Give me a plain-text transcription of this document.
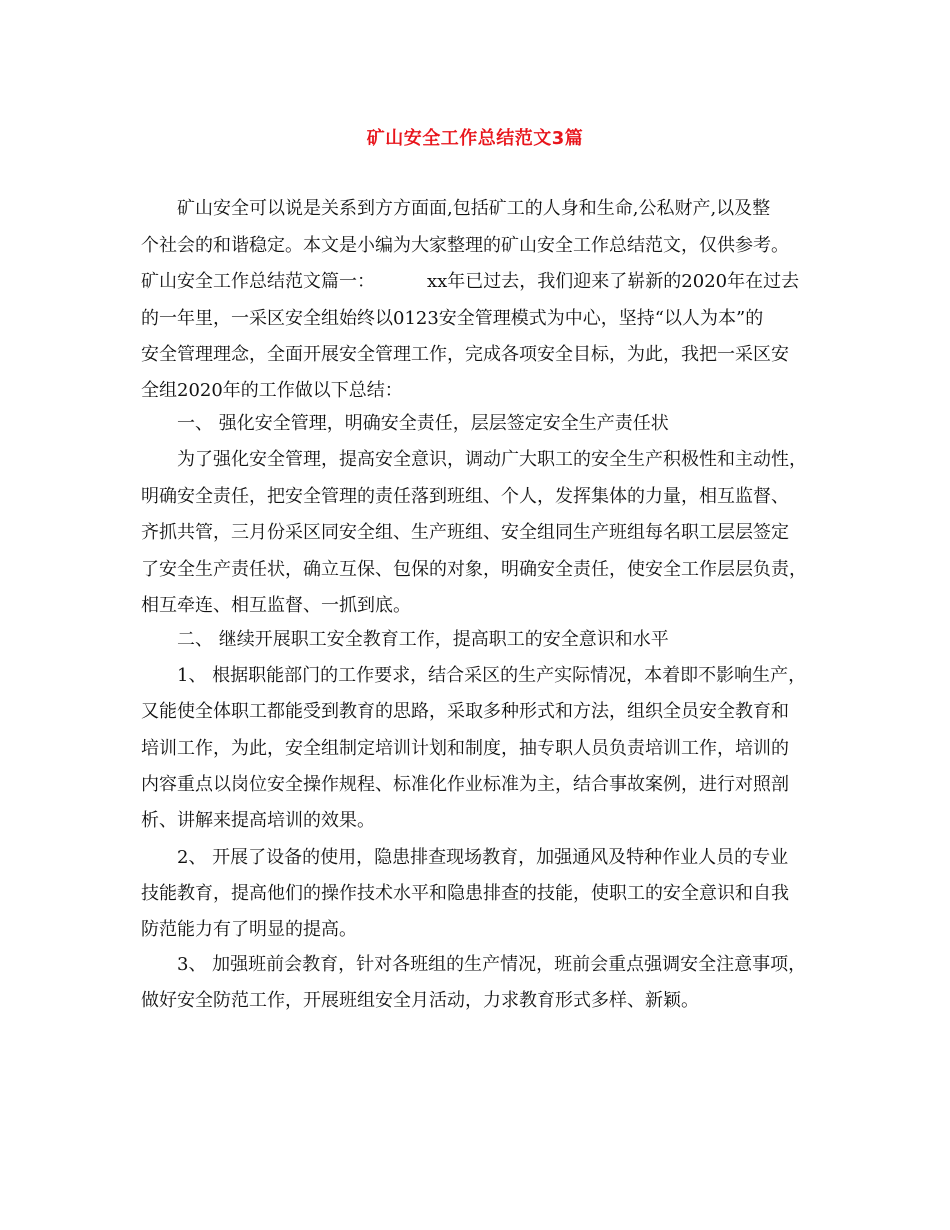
矿山安全工作总结范文3篇
矿山安全可以说是关系到方方面面,包括矿工的人身和生命,公私财产,以及整
个社会的和谐稳定。本文是小编为大家整理的矿山安全工作总结范文，仅供参考。
矿山安全工作总结范文篇一：	xx年已过去，我们迎来了崭新的2020年在过去
的一年里，一采区安全组始终以0123安全管理模式为中心，坚持“以人为本”的
安全管理理念，全面开展安全管理工作，完成各项安全目标，为此，我把一采区安
全组2020年的工作做以下总结：
一、 强化安全管理，明确安全责任，层层签定安全生产责任状
为了强化安全管理，提高安全意识，调动广大职工的安全生产积极性和主动性，
明确安全责任，把安全管理的责任落到班组、个人，发挥集体的力量，相互监督、
齐抓共管，三月份采区同安全组、生产班组、安全组同生产班组每名职工层层签定
了安全生产责任状，确立互保、包保的对象，明确安全责任，使安全工作层层负责，
相互牵连、相互监督、一抓到底。
二、 继续开展职工安全教育工作，提高职工的安全意识和水平
1、 根据职能部门的工作要求，结合采区的生产实际情况，本着即不影响生产，
又能使全体职工都能受到教育的思路，采取多种形式和方法，组织全员安全教育和
培训工作，为此，安全组制定培训计划和制度，抽专职人员负责培训工作，培训的
内容重点以岗位安全操作规程、标准化作业标准为主，结合事故案例，进行对照剖
析、讲解来提高培训的效果。
2、 开展了设备的使用，隐患排查现场教育，加强通风及特种作业人员的专业
技能教育，提高他们的操作技术水平和隐患排查的技能，使职工的安全意识和自我
防范能力有了明显的提高。
3、 加强班前会教育，针对各班组的生产情况，班前会重点强调安全注意事项，
做好安全防范工作，开展班组安全月活动，力求教育形式多样、新颖。
